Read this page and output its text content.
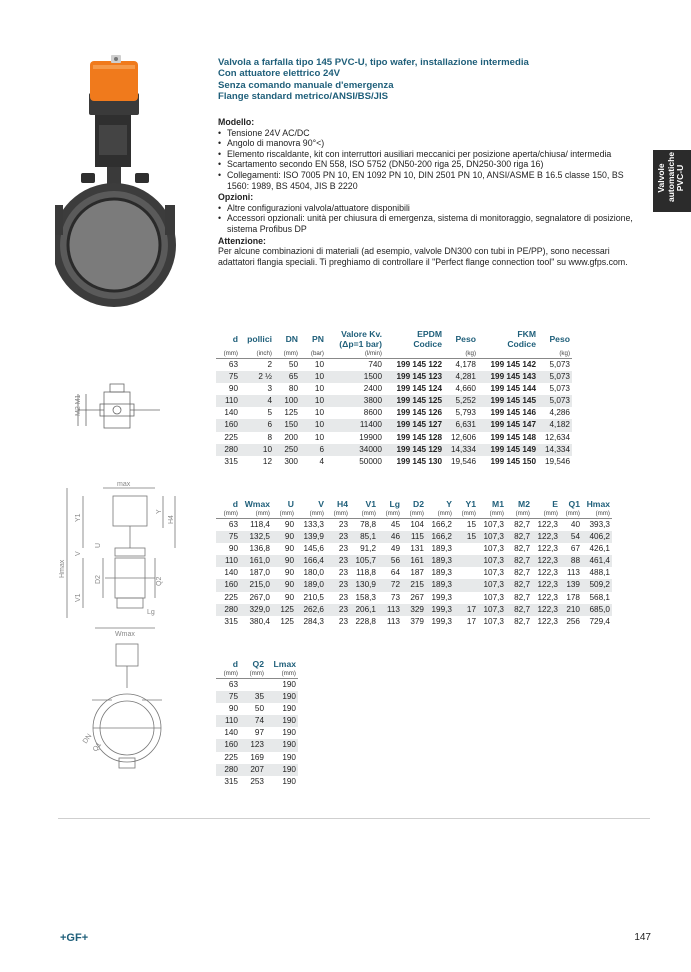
M2 M1
max
Hmax
Y1
Y
H4
U
V
D2	Q2
V1
Lg
Wmax
DN
Q1
Valvola a farfalla tipo 145 PVC-U, tipo wafer, installazione intermedia
Con attuatore elettrico 24V
Senza comando manuale d'emergenza
Flange standard metrico/ANSI/BS/JIS
Valvole automatiche PVC-U
Modello:
• Tensione 24V AC/DC
• Angolo di manovra 90°<)
• Elemento riscaldante, kit con interruttori ausiliari meccanici per posizione aperta/chiusa/ intermedia
• Scartamento secondo EN 558, ISO 5752 (DN50-200 riga 25, DN250-300 riga 16)
• Collegamenti: ISO 7005 PN 10, EN 1092 PN 10, DIN 2501 PN 10, ANSI/ASME B 16.5 classe 150, BS 1560: 1989, BS 4504, JIS B 2220
Opzioni:
• Altre configurazioni valvola/attuatore disponibili
• Accessori opzionali: unità per chiusura di emergenza, sistema di monitoraggio, segnalatore di posizione, sistema Profibus DP
Attenzione:

Per alcune combinazioni di materiali (ad esempio, valvole DN300 con tubi in PE/PP), sono necessari adattatori flangia speciali. Ti preghiamo di controllare il "Perfect flange connection tool" su www.gfps.com.

d	pollici	DN	PN	Valore Kv.
(Δp=1 bar)	EPDM
Codice	Peso	FKM
Codice	Peso
(mm)	(inch)	(mm)	(bar)	(l/min)		(kg)		(kg)
63	2	50	10	740	199 145 122	4,178	199 145 142	5,073
75	2 ½	65	10	1500	199 145 123	4,281	199 145 143	5,073
90	3	80	10	2400	199 145 124	4,660	199 145 144	5,073
110	4	100	10	3800	199 145 125	5,252	199 145 145	5,073
140	5	125	10	8600	199 145 126	5,793	199 145 146	4,286
160	6	150	10	11400	199 145 127	6,631	199 145 147	4,182
225	8	200	10	19900	199 145 128	12,606	199 145 148	12,634
280	10	250	6	34000	199 145 129	14,334	199 145 149	14,334
315	12	300	4	50000	199 145 130	19,546	199 145 150	19,546
d	Wmax	U	V	H4	V1	Lg	D2	Y	Y1	M1	M2	E	Q1	Hmax
(mm)	(mm)	(mm)	(mm)	(mm)	(mm)	(mm)	(mm)	(mm)	(mm)	(mm)	(mm)	(mm)	(mm)	(mm)
63	118,4	90	133,3	23	78,8	45	104	166,2	15	107,3	82,7	122,3	40	393,3
75	132,5	90	139,9	23	85,1	46	115	166,2	15	107,3	82,7	122,3	54	406,2
90	136,8	90	145,6	23	91,2	49	131	189,3		107,3	82,7	122,3	67	426,1
110	161,0	90	166,4	23	105,7	56	161	189,3		107,3	82,7	122,3	88	461,4
140	187,0	90	180,0	23	118,8	64	187	189,3		107,3	82,7	122,3	113	488,1
160	215,0	90	189,0	23	130,9	72	215	189,3		107,3	82,7	122,3	139	509,2
225	267,0	90	210,5	23	158,3	73	267	199,3		107,3	82,7	122,3	178	568,1
280	329,0	125	262,6	23	206,1	113	329	199,3	17	107,3	82,7	122,3	210	685,0
315	380,4	125	284,3	23	228,8	113	379	199,3	17	107,3	82,7	122,3	256	729,4
d	Q2	Lmax
(mm)	(mm)	(mm)
63		190
75	35	190
90	50	190
110	74	190
140	97	190
160	123	190
225	169	190
280	207	190
315	253	190
+GF+	147
